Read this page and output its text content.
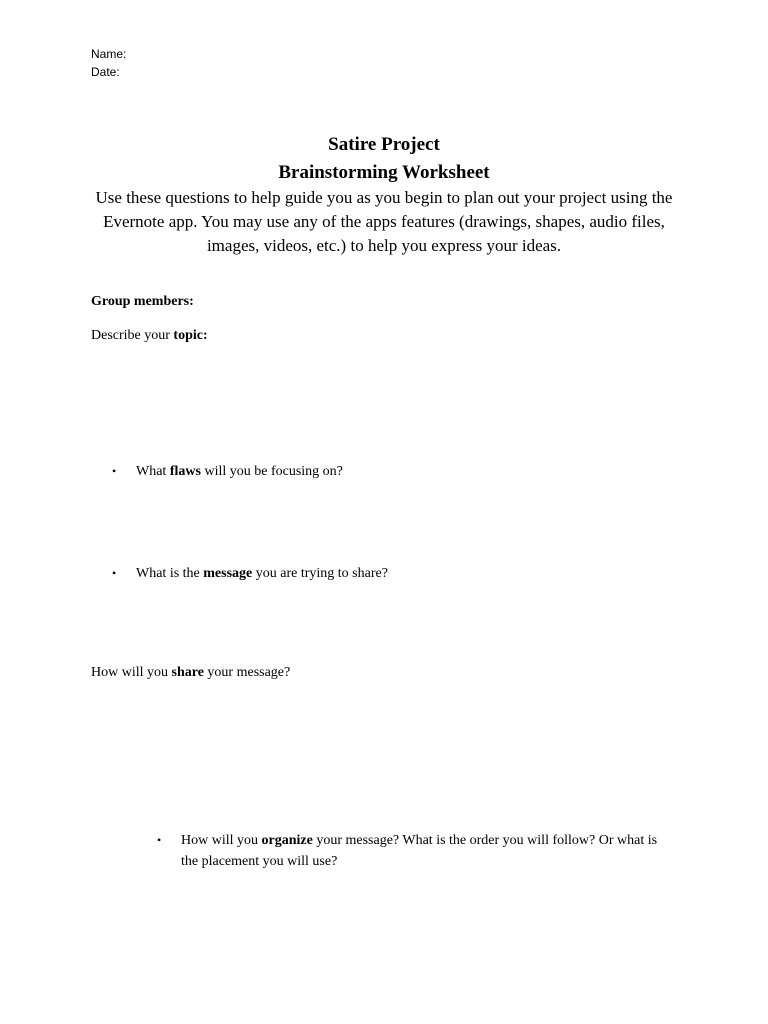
Name:
Date:
Satire Project
Brainstorming Worksheet
Use these questions to help guide you as you begin to plan out your project using the Evernote app. You may use any of the apps features (drawings, shapes, audio files, images, videos, etc.) to help you express your ideas.
Group members:
Describe your topic:
• What flaws will you be focusing on?
• What is the message you are trying to share?
How will you share your message?
• How will you organize your message? What is the order you will follow? Or what is the placement you will use?
